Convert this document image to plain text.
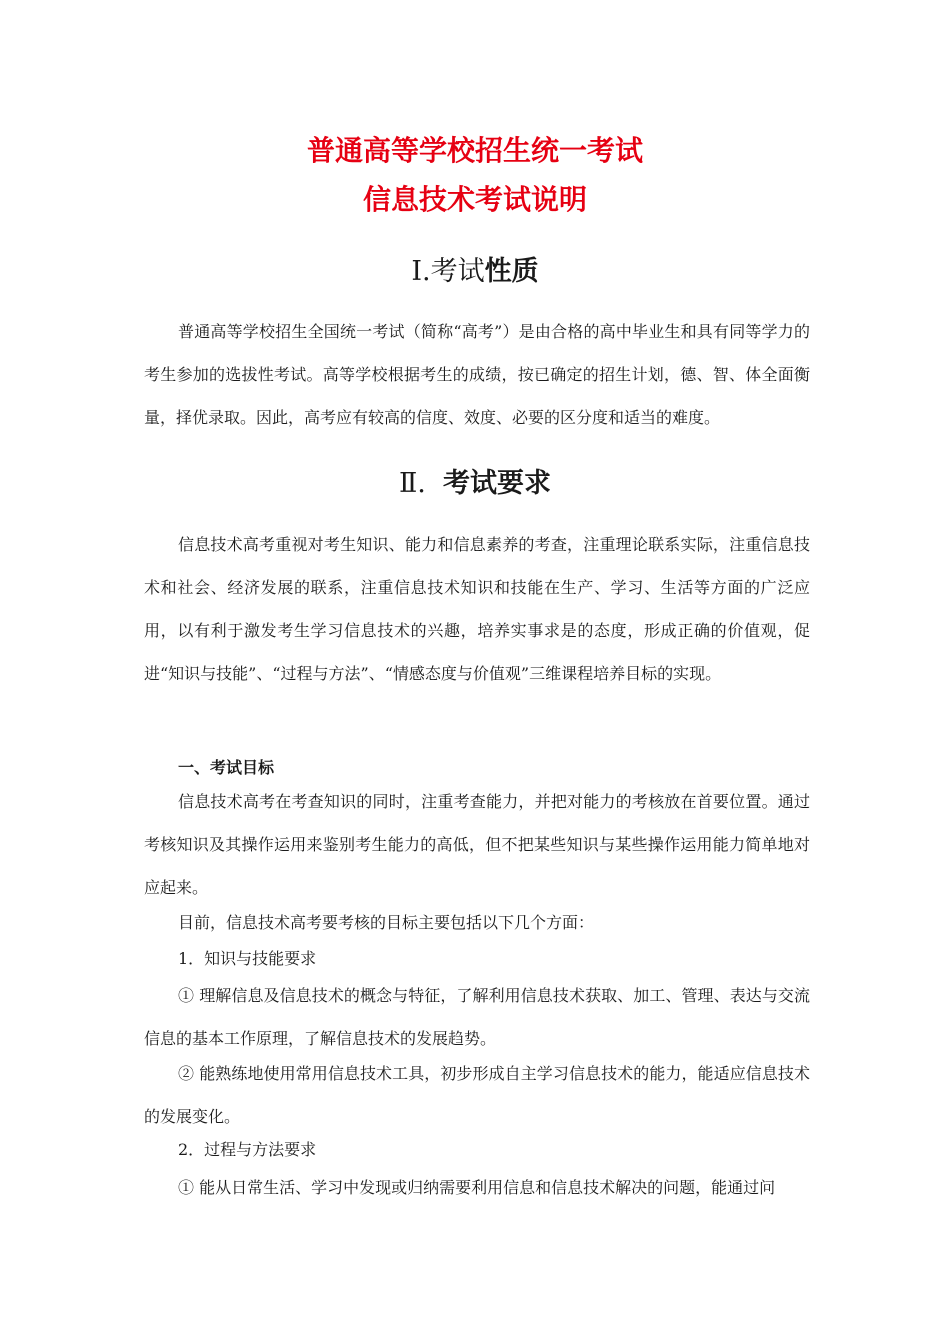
普通高等学校招生统一考试
信息技术考试说明
Ⅰ.考试性质
普通高等学校招生全国统一考试（简称“高考”）是由合格的高中毕业生和具有同等学力的考生参加的选拔性考试。高等学校根据考生的成绩，按已确定的招生计划，德、智、体全面衡量，择优录取。因此，高考应有较高的信度、效度、必要的区分度和适当的难度。
Ⅱ. 考试要求
信息技术高考重视对考生知识、能力和信息素养的考查，注重理论联系实际，注重信息技术和社会、经济发展的联系，注重信息技术知识和技能在生产、学习、生活等方面的广泛应用，以有利于激发考生学习信息技术的兴趣，培养实事求是的态度，形成正确的价值观，促进“知识与技能”、“过程与方法”、“情感态度与价值观”三维课程培养目标的实现。
一、考试目标
信息技术高考在考查知识的同时，注重考查能力，并把对能力的考核放在首要位置。通过考核知识及其操作运用来鉴别考生能力的高低，但不把某些知识与某些操作运用能力简单地对应起来。
目前，信息技术高考要考核的目标主要包括以下几个方面：
1．知识与技能要求
① 理解信息及信息技术的概念与特征，了解利用信息技术获取、加工、管理、表达与交流信息的基本工作原理，了解信息技术的发展趋势。
② 能熟练地使用常用信息技术工具，初步形成自主学习信息技术的能力，能适应信息技术的发展变化。
2．过程与方法要求
① 能从日常生活、学习中发现或归纳需要利用信息和信息技术解决的问题，能通过问
